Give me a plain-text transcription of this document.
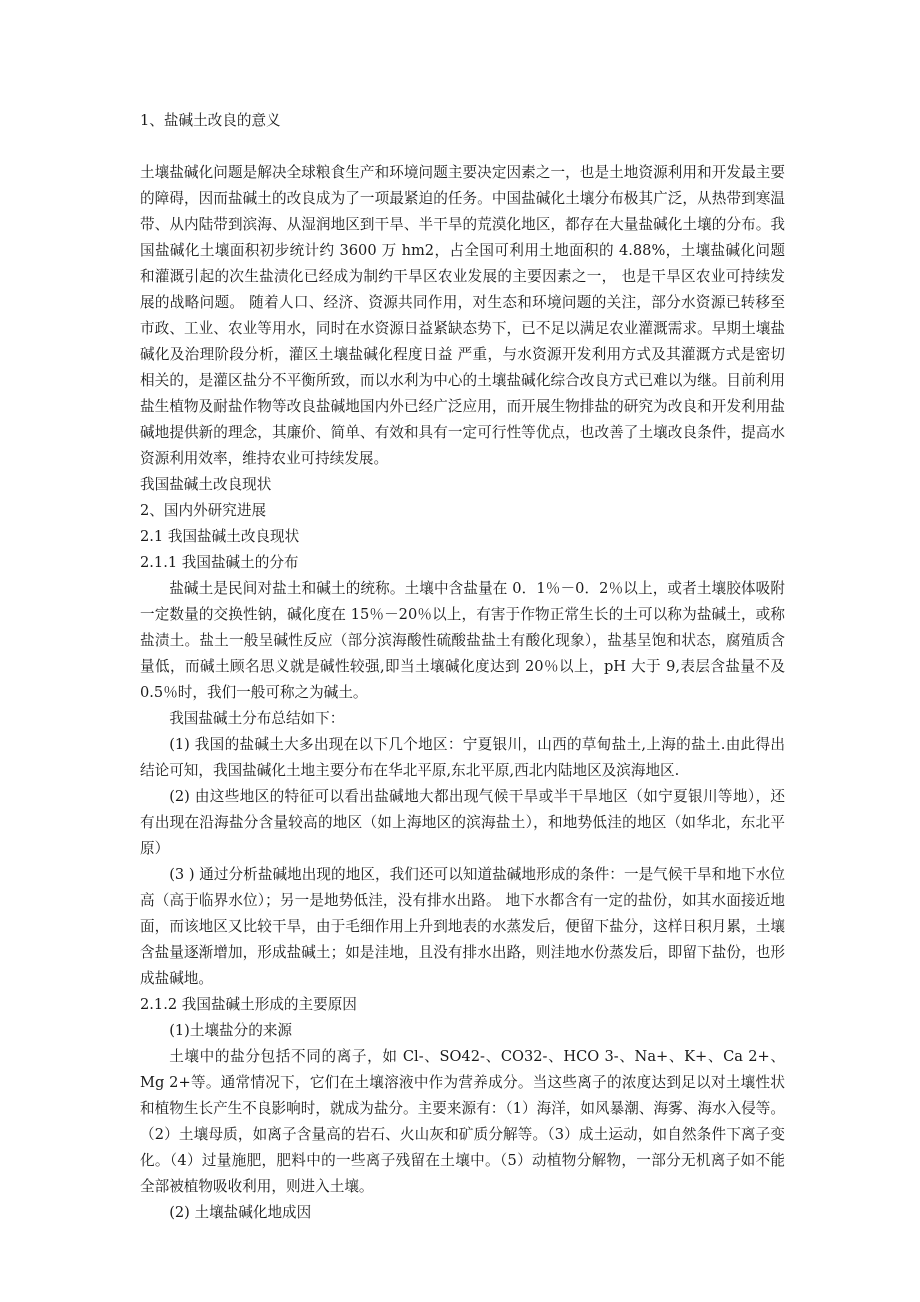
1、盐碱土改良的意义

土壤盐碱化问题是解决全球粮食生产和环境问题主要决定因素之一，也是土地资源利用和开发最主要的障碍，因而盐碱土的改良成为了一项最紧迫的任务。中国盐碱化土壤分布极其广泛，从热带到寒温带、从内陆带到滨海、从湿润地区到干旱、半干旱的荒漠化地区，都存在大量盐碱化土壤的分布。我国盐碱化土壤面积初步统计约 3600 万 hm2，占全国可利用土地面积的 4.88%，土壤盐碱化问题和灌溉引起的次生盐渍化已经成为制约干旱区农业发展的主要因素之一， 也是干旱区农业可持续发展的战略问题。 随着人口、经济、资源共同作用，对生态和环境问题的关注，部分水资源已转移至市政、工业、农业等用水，同时在水资源日益紧缺态势下，已不足以满足农业灌溉需求。早期土壤盐碱化及治理阶段分析，灌区土壤盐碱化程度日益 严重，与水资源开发利用方式及其灌溉方式是密切相关的，是灌区盐分不平衡所致，而以水利为中心的土壤盐碱化综合改良方式已难以为继。目前利用盐生植物及耐盐作物等改良盐碱地国内外已经广泛应用，而开展生物排盐的研究为改良和开发利用盐碱地提供新的理念，其廉价、简单、有效和具有一定可行性等优点，也改善了土壤改良条件，提高水资源利用效率，维持农业可持续发展。

我国盐碱土改良现状

2、国内外研究进展

2.1 我国盐碱土改良现状

2.1.1 我国盐碱土的分布

盐碱土是民间对盐土和碱土的统称。土壤中含盐量在 0．1％－0．2％以上，或者土壤胶体吸附一定数量的交换性钠，碱化度在 15％－20％以上，有害于作物正常生长的土可以称为盐碱土，或称盐渍土。盐土一般呈碱性反应（部分滨海酸性硫酸盐盐土有酸化现象），盐基呈饱和状态，腐殖质含量低，而碱土顾名思义就是碱性较强,即当土壤碱化度达到 20％以上，pH 大于 9,表层含盐量不及 0.5％时，我们一般可称之为碱土。

我国盐碱土分布总结如下：

(1) 我国的盐碱土大多出现在以下几个地区：宁夏银川，山西的草甸盐土,上海的盐土.由此得出结论可知，我国盐碱化土地主要分布在华北平原,东北平原,西北内陆地区及滨海地区.

(2) 由这些地区的特征可以看出盐碱地大都出现气候干旱或半干旱地区（如宁夏银川等地），还有出现在沿海盐分含量较高的地区（如上海地区的滨海盐土），和地势低洼的地区（如华北，东北平原）

(3 ) 通过分析盐碱地出现的地区，我们还可以知道盐碱地形成的条件：一是气候干旱和地下水位高（高于临界水位）；另一是地势低洼，没有排水出路。 地下水都含有一定的盐份，如其水面接近地面，而该地区又比较干旱，由于毛细作用上升到地表的水蒸发后，便留下盐分，这样日积月累，土壤含盐量逐渐增加，形成盐碱土；如是洼地，且没有排水出路，则洼地水份蒸发后，即留下盐份，也形成盐碱地。

2.1.2 我国盐碱土形成的主要原因

(1)土壤盐分的来源

土壤中的盐分包括不同的离子，如 Cl-、SO42-、CO32-、HCO 3-、Na+、K+、Ca 2+、Mg 2+等。通常情况下，它们在土壤溶液中作为营养成分。当这些离子的浓度达到足以对土壤性状和植物生长产生不良影响时，就成为盐分。主要来源有：（1）海洋，如风暴潮、海雾、海水入侵等。（2）土壤母质，如离子含量高的岩石、火山灰和矿质分解等。（3）成土运动，如自然条件下离子变化。（4）过量施肥，肥料中的一些离子残留在土壤中。（5）动植物分解物，一部分无机离子如不能全部被植物吸收利用，则进入土壤。

(2) 土壤盐碱化地成因
